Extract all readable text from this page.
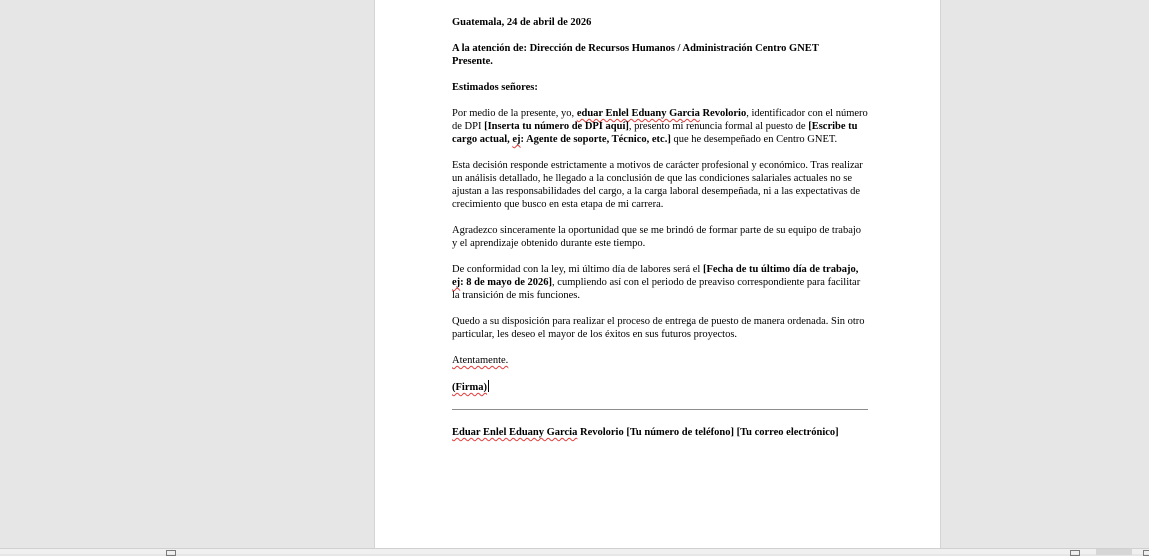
Guatemala, 24 de abril de 2026

A la atención de: Dirección de Recursos Humanos / Administración Centro GNET
Presente.

Estimados señores:

Por medio de la presente, yo, eduar Enlel Eduany Garcia Revolorio, identificador con el número de DPI [Inserta tu número de DPI aquí], presento mi renuncia formal al puesto de [Escribe tu cargo actual, ej: Agente de soporte, Técnico, etc.] que he desempeñado en Centro GNET.

Esta decisión responde estrictamente a motivos de carácter profesional y económico. Tras realizar un análisis detallado, he llegado a la conclusión de que las condiciones salariales actuales no se ajustan a las responsabilidades del cargo, a la carga laboral desempeñada, ni a las expectativas de crecimiento que busco en esta etapa de mi carrera.

Agradezco sinceramente la oportunidad que se me brindó de formar parte de su equipo de trabajo y el aprendizaje obtenido durante este tiempo.

De conformidad con la ley, mi último día de labores será el [Fecha de tu último día de trabajo, ej: 8 de mayo de 2026], cumpliendo así con el periodo de preaviso correspondiente para facilitar la transición de mis funciones.

Quedo a su disposición para realizar el proceso de entrega de puesto de manera ordenada. Sin otro particular, les deseo el mayor de los éxitos en sus futuros proyectos.

Atentamente.

(Firma)

Eduar Enlel Eduany Garcia Revolorio [Tu número de teléfono] [Tu correo electrónico]
